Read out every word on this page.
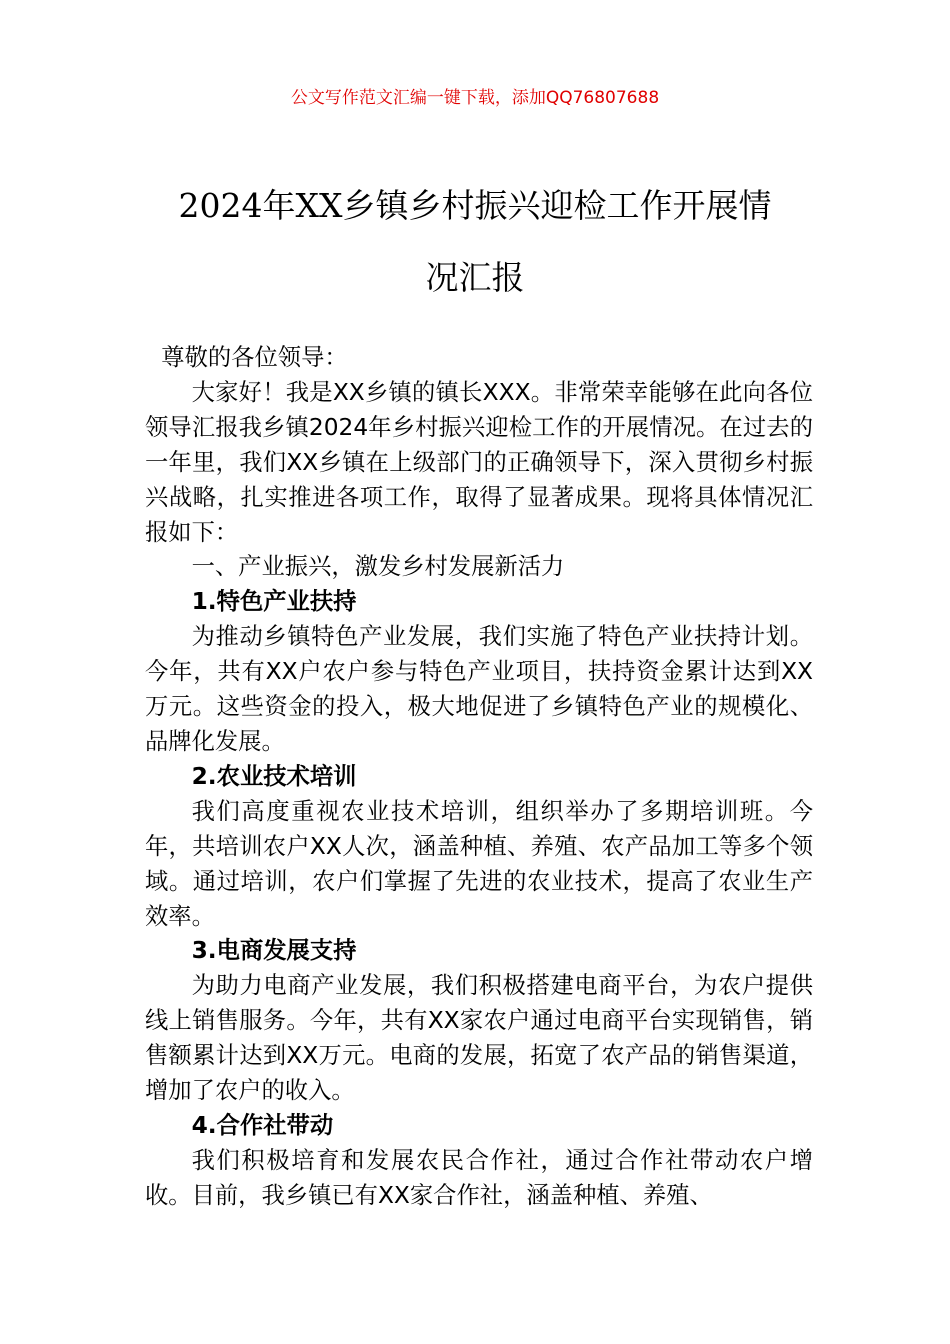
公文写作范文汇编一键下载，添加QQ76807688
2024年XX乡镇乡村振兴迎检工作开展情
况汇报

尊敬的各位领导：

大家好！我是XX乡镇的镇长XXX。非常荣幸能够在此向各位领导汇报我乡镇2024年乡村振兴迎检工作的开展情况。在过去的一年里，我们XX乡镇在上级部门的正确领导下，深入贯彻乡村振兴战略，扎实推进各项工作，取得了显著成果。现将具体情况汇报如下：

一、产业振兴，激发乡村发展新活力

1.特色产业扶持

为推动乡镇特色产业发展，我们实施了特色产业扶持计划。今年，共有XX户农户参与特色产业项目，扶持资金累计达到XX万元。这些资金的投入，极大地促进了乡镇特色产业的规模化、品牌化发展。

2.农业技术培训

我们高度重视农业技术培训，组织举办了多期培训班。今年，共培训农户XX人次，涵盖种植、养殖、农产品加工等多个领域。通过培训，农户们掌握了先进的农业技术，提高了农业生产效率。

3.电商发展支持

为助力电商产业发展，我们积极搭建电商平台，为农户提供线上销售服务。今年，共有XX家农户通过电商平台实现销售，销售额累计达到XX万元。电商的发展，拓宽了农产品的销售渠道，增加了农户的收入。

4.合作社带动

我们积极培育和发展农民合作社，通过合作社带动农户增收。目前，我乡镇已有XX家合作社，涵盖种植、养殖、
